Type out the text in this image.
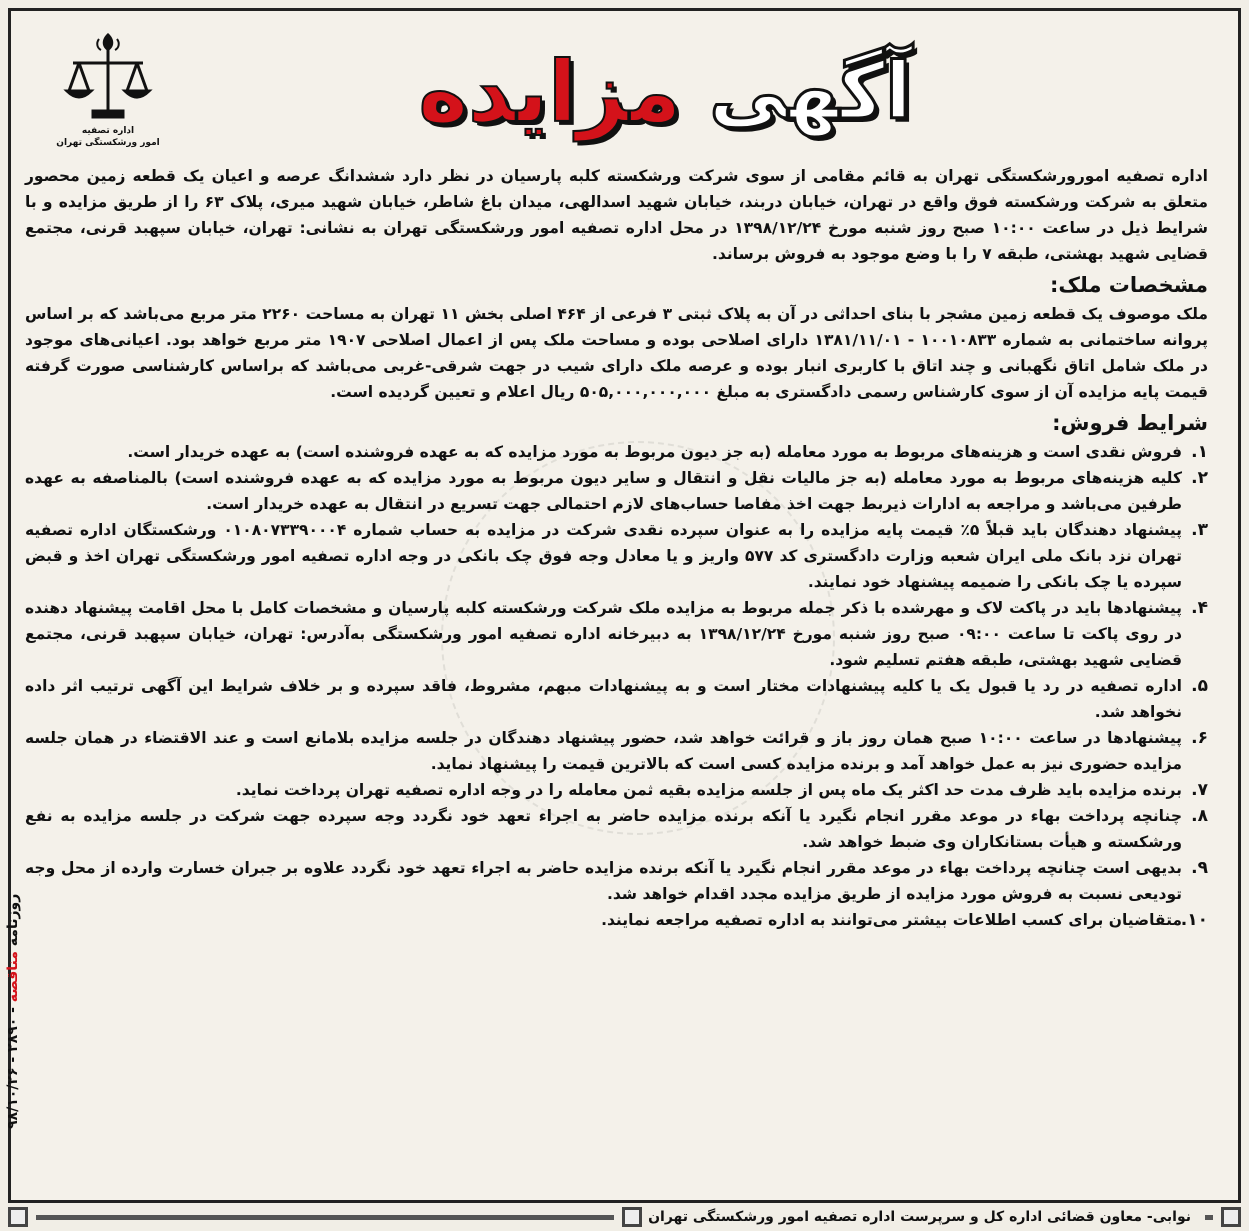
روزنامه مناقصه - ۲۸۹۰ - ۹۸/۱۰/۲۶
اداره تصفیه
امور ورشکستگی تهران
آگهی
مزایده

اداره تصفیه امورورشکستگی تهران به قائم مقامی از سوی شرکت ورشکسته کلبه پارسیان در نظر دارد ششدانگ عرصه و اعیان یک قطعه زمین محصور متعلق به شرکت ورشکسته فوق واقع در تهران، خیابان دربند، خیابان شهید اسدالهی، میدان باغ شاطر، خیابان شهید میری، پلاک ۶۳ را از طریق مزایده و با شرایط ذیل در ساعت ۱۰:۰۰ صبح روز شنبه مورخ ۱۳۹۸/۱۲/۲۴ در محل اداره تصفیه امور ورشکستگی تهران به نشانی: تهران، خیابان سپهبد قرنی، مجتمع قضایی شهید بهشتی، طبقه ۷ را با وضع موجود به فروش برساند.

مشخصات ملک:

ملک موصوف یک قطعه زمین مشجر با بنای احداثی در آن به پلاک ثبتی ۳ فرعی از ۴۶۴ اصلی بخش ۱۱ تهران به مساحت ۲۲۶۰ متر مربع می‌باشد که بر اساس پروانه ساختمانی به شماره ۱۰۰۱۰۸۳۳ - ۱۳۸۱/۱۱/۰۱ دارای اصلاحی بوده و مساحت ملک پس از اعمال اصلاحی ۱۹۰۷ متر مربع خواهد بود. اعیانی‌های موجود در ملک شامل اتاق نگهبانی و چند اتاق با کاربری انبار بوده و عرصه ملک دارای شیب در جهت شرقی-غربی می‌باشد که براساس کارشناسی صورت گرفته قیمت پایه مزایده آن از سوی کارشناس رسمی دادگستری به مبلغ ۵۰۵,۰۰۰,۰۰۰,۰۰۰ ریال اعلام و تعیین گردیده است.

شرایط فروش:
۱.
فروش نقدی است و هزینه‌های مربوط به مورد معامله (به جز دیون مربوط به مورد مزایده که به عهده فروشنده است) به عهده خریدار است.
۲.
کلیه هزینه‌های مربوط به مورد معامله (به جز مالیات نقل و انتقال و سایر دیون مربوط به مورد مزایده که به عهده فروشنده است) بالمناصفه به عهده طرفین می‌باشد و مراجعه به ادارات ذیربط جهت اخذ مفاصا حساب‌های لازم احتمالی جهت تسریع در انتقال به عهده خریدار است.
۳.
پیشنهاد دهندگان باید قبلاً ۵٪ قیمت پایه مزایده را به عنوان سپرده نقدی شرکت در مزایده به حساب شماره ۰۱۰۸۰۷۳۳۹۰۰۰۴ ورشکستگان اداره تصفیه تهران نزد بانک ملی ایران شعبه وزارت دادگستری کد ۵۷۷ واریز و یا معادل وجه فوق چک بانکی در وجه اداره تصفیه امور ورشکستگی تهران اخذ و قبض سپرده یا چک بانکی را ضمیمه پیشنهاد خود نمایند.
۴.
پیشنهادها باید در پاکت لاک و مهرشده با ذکر جمله مربوط به مزایده ملک شرکت ورشکسته کلبه پارسیان و مشخصات کامل با محل اقامت پیشنهاد دهنده در روی پاکت تا ساعت ۰۹:۰۰ صبح روز شنبه مورخ ۱۳۹۸/۱۲/۲۴ به دبیرخانه اداره تصفیه امور ورشکستگی به‌آدرس: تهران، خیابان سپهبد قرنی، مجتمع قضایی شهید بهشتی، طبقه هفتم تسلیم شود.
۵.
اداره تصفیه در رد یا قبول یک یا کلیه پیشنهادات مختار است و به پیشنهادات مبهم، مشروط، فاقد سپرده و بر خلاف شرایط این آگهی ترتیب اثر داده نخواهد شد.
۶.
پیشنهادها در ساعت ۱۰:۰۰ صبح همان روز باز و قرائت خواهد شد، حضور پیشنهاد دهندگان در جلسه مزایده بلامانع است و عند الاقتضاء در همان جلسه مزایده حضوری نیز به عمل خواهد آمد و برنده مزایده کسی است که بالاترین قیمت را پیشنهاد نماید.
۷.
برنده مزایده باید ظرف مدت حد اکثر یک ماه پس از جلسه مزایده بقیه ثمن معامله را در وجه اداره تصفیه تهران پرداخت نماید.
۸.
چنانچه پرداخت بهاء در موعد مقرر انجام نگیرد یا آنکه برنده مزایده حاضر به اجراء تعهد خود نگردد وجه سپرده جهت شرکت در جلسه مزایده به نفع ورشکسته و هیأت بستانکاران وی ضبط خواهد شد.
۹.
بدیهی است چنانچه پرداخت بهاء در موعد مقرر انجام نگیرد یا آنکه برنده مزایده حاضر به اجراء تعهد خود نگردد علاوه بر جبران خسارت وارده از محل وجه تودیعی نسبت به فروش مورد مزایده از طریق مزایده مجدد اقدام خواهد شد.
۱۰.
متقاضیان برای کسب اطلاعات بیشتر می‌توانند به اداره تصفیه مراجعه نمایند.
نوابی- معاون قضائی اداره کل و سرپرست اداره تصفیه امور ورشکستگی تهران
